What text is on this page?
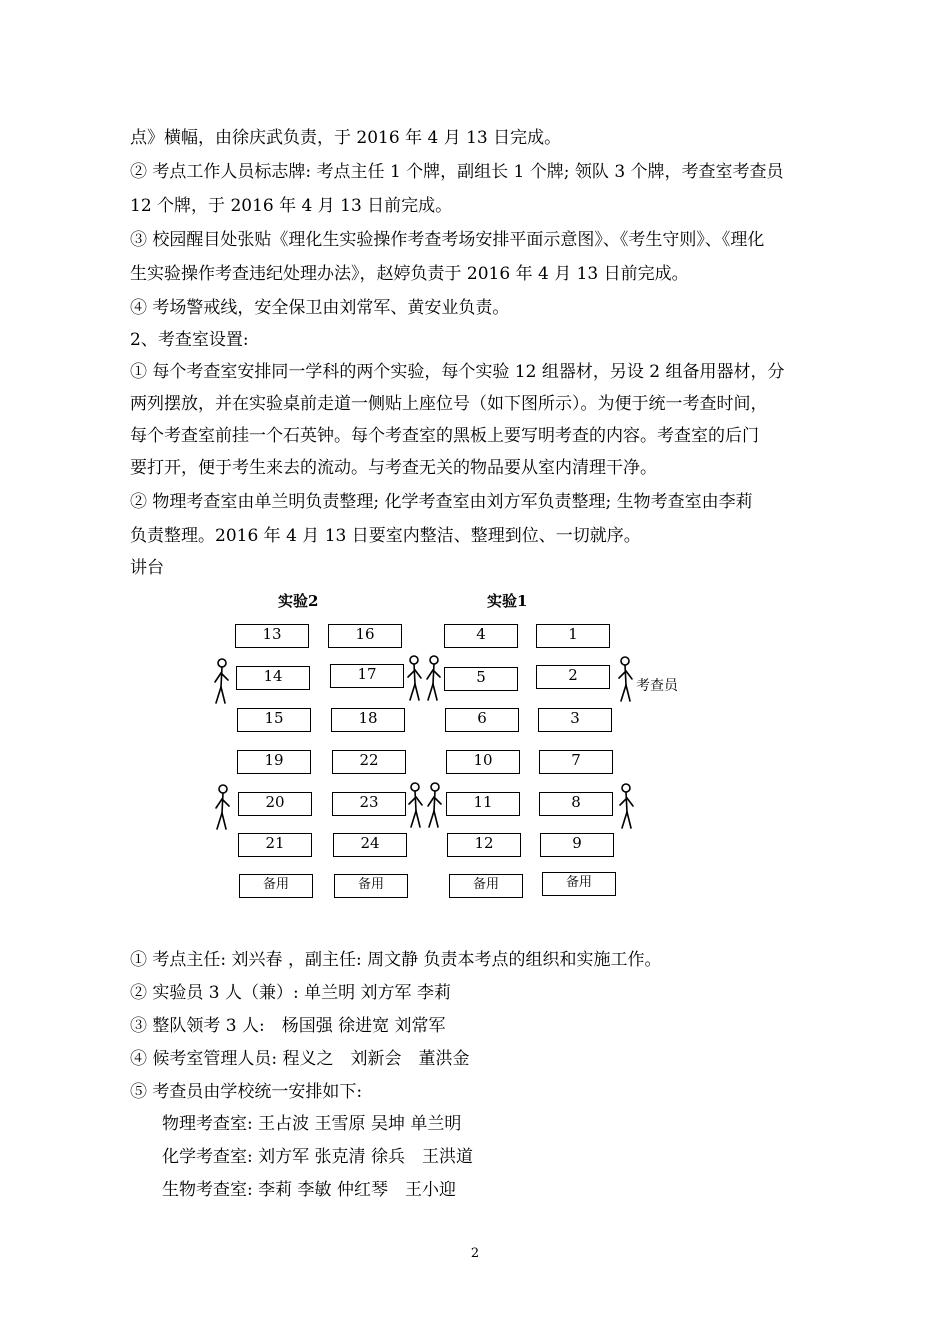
点》横幅，由徐庆武负责，于 2016 年 4 月 13 日完成。
② 考点工作人员标志牌: 考点主任 1 个牌，副组长 1 个牌; 领队 3 个牌，考查室考查员
12 个牌，于 2016 年 4 月 13 日前完成。
③ 校园醒目处张贴《理化生实验操作考查考场安排平面示意图》、《考生守则》、《理化
生实验操作考查违纪处理办法》，赵婷负责于 2016 年 4 月 13 日前完成。
④ 考场警戒线，安全保卫由刘常军、黄安业负责。
2、考查室设置:
① 每个考查室安排同一学科的两个实验，每个实验 12 组器材，另设 2 组备用器材，分
两列摆放，并在实验桌前走道一侧贴上座位号（如下图所示）。为便于统一考查时间，
每个考查室前挂一个石英钟。每个考查室的黑板上要写明考查的内容。考查室的后门
要打开，便于考生来去的流动。与考查无关的物品要从室内清理干净。
② 物理考查室由单兰明负责整理; 化学考查室由刘方军负责整理; 生物考查室由李莉
负责整理。2016 年 4 月 13 日要室内整洁、整理到位、一切就序。
讲台
实验2	实验1
13	16	4	1
14	17	5	2
15	18	6	3
19	22	10	7
20	23	11	8
21	24	12	9
备用	备用	备用	备用
考查员
① 考点主任: 刘兴春 ，副主任: 周文静 负责本考点的组织和实施工作。
② 实验员 3 人（兼）: 单兰明 刘方军 李莉
③ 整队领考 3 人:　杨国强 徐进宽 刘常军
④ 候考室管理人员: 程义之　刘新会　董洪金
⑤ 考查员由学校统一安排如下:
物理考查室: 王占波 王雪原 吴坤 单兰明
化学考查室: 刘方军 张克清 徐兵　王洪道
生物考查室: 李莉 李敏 仲红琴　王小迎
2
